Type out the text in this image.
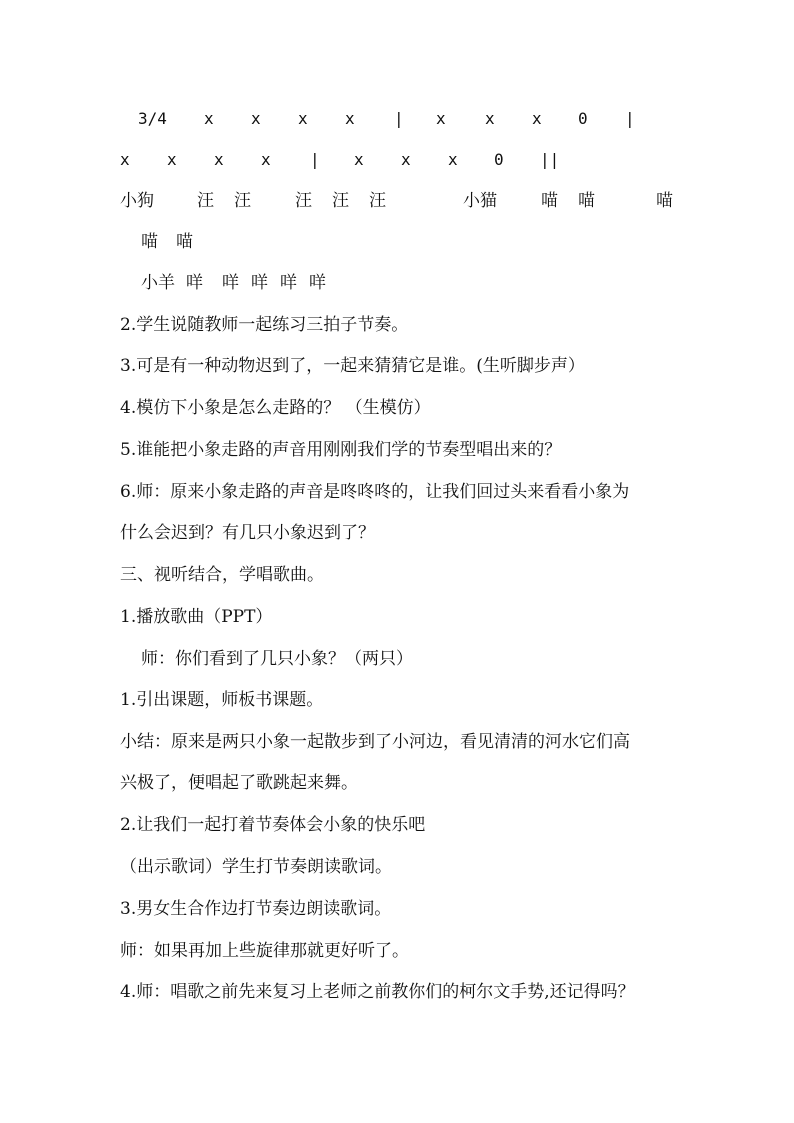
3/4 x x x x | x x x 0 |
x x x x | x x x 0 ||
小狗	汪 汪	汪 汪 汪	小猫	喵 喵	喵
喵 喵
小羊 咩 咩 咩 咩 咩
2.学生说随教师一起练习三拍子节奏。
3.可是有一种动物迟到了，一起来猜猜它是谁。(生听脚步声）
4.模仿下小象是怎么走路的？ （生模仿）
5.谁能把小象走路的声音用刚刚我们学的节奏型唱出来的？
6.师：原来小象走路的声音是咚咚咚的，让我们回过头来看看小象为
什么会迟到？有几只小象迟到了？
三、视听结合，学唱歌曲。
1.播放歌曲（PPT）
师：你们看到了几只小象？（两只）
1.引出课题，师板书课题。
小结：原来是两只小象一起散步到了小河边，看见清清的河水它们高
兴极了，便唱起了歌跳起来舞。
2.让我们一起打着节奏体会小象的快乐吧
（出示歌词）学生打节奏朗读歌词。
3.男女生合作边打节奏边朗读歌词。
师：如果再加上些旋律那就更好听了。
4.师：唱歌之前先来复习上老师之前教你们的柯尔文手势,还记得吗？
